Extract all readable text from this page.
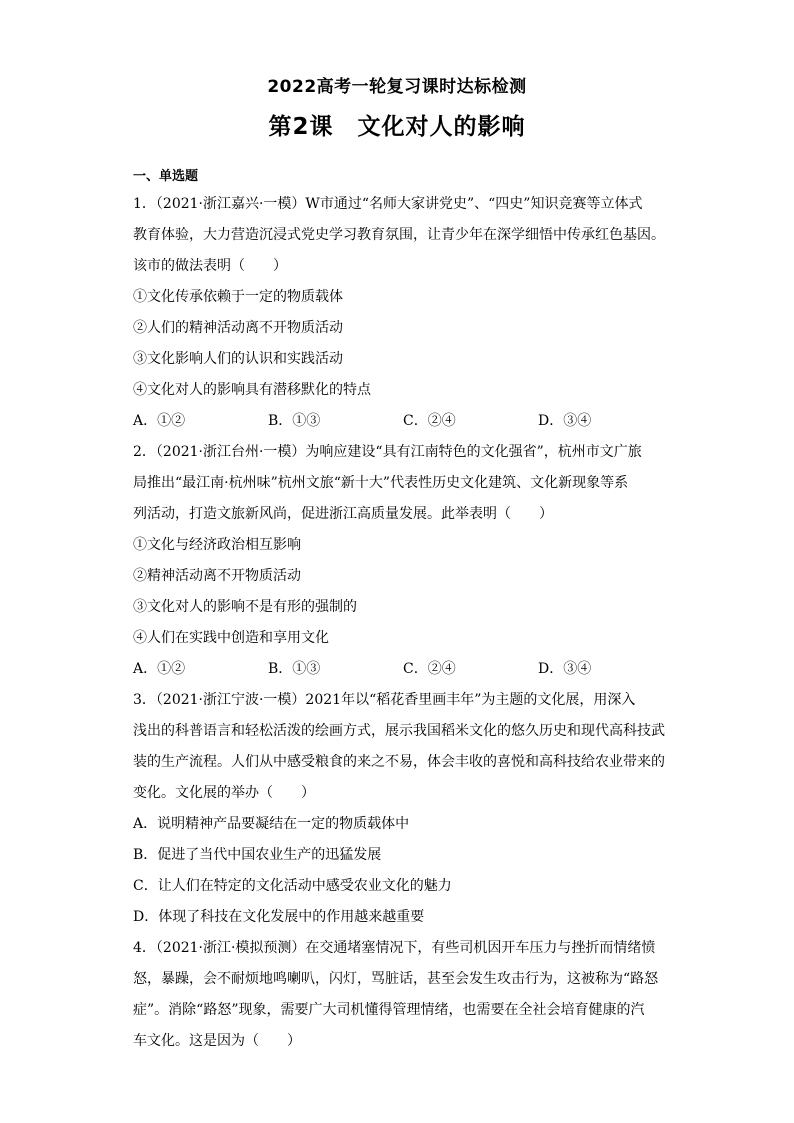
2022高考一轮复习课时达标检测
第2课　文化对人的影响
一、单选题
1．（2021·浙江嘉兴·一模）W市通过“名师大家讲党史”、“四史”知识竞赛等立体式
教育体验，大力营造沉浸式党史学习教育氛围，让青少年在深学细悟中传承红色基因。
该市的做法表明（　　）
①文化传承依赖于一定的物质载体
②人们的精神活动离不开物质活动
③文化影响人们的认识和实践活动
④文化对人的影响具有潜移默化的特点
A．①②	B．①③	C．②④	D．③④
2．（2021·浙江台州·一模）为响应建设“具有江南特色的文化强省”，杭州市文广旅
局推出“最江南·杭州味”杭州文旅“新十大”代表性历史文化建筑、文化新现象等系
列活动，打造文旅新风尚，促进浙江高质量发展。此举表明（　　）
①文化与经济政治相互影响
②精神活动离不开物质活动
③文化对人的影响不是有形的强制的
④人们在实践中创造和享用文化
A．①②	B．①③	C．②④	D．③④
3．（2021·浙江宁波·一模）2021年以“稻花香里画丰年”为主题的文化展，用深入
浅出的科普语言和轻松活泼的绘画方式，展示我国稻米文化的悠久历史和现代高科技武
装的生产流程。人们从中感受粮食的来之不易，体会丰收的喜悦和高科技给农业带来的
变化。文化展的举办（　　）
A．说明精神产品要凝结在一定的物质载体中
B．促进了当代中国农业生产的迅猛发展
C．让人们在特定的文化活动中感受农业文化的魅力
D．体现了科技在文化发展中的作用越来越重要
4．（2021·浙江·模拟预测）在交通堵塞情况下，有些司机因开车压力与挫折而情绪愤
怒，暴躁，会不耐烦地鸣喇叭，闪灯，骂脏话，甚至会发生攻击行为，这被称为“路怒
症”。消除“路怒”现象，需要广大司机懂得管理情绪，也需要在全社会培育健康的汽
车文化。这是因为（　　）
